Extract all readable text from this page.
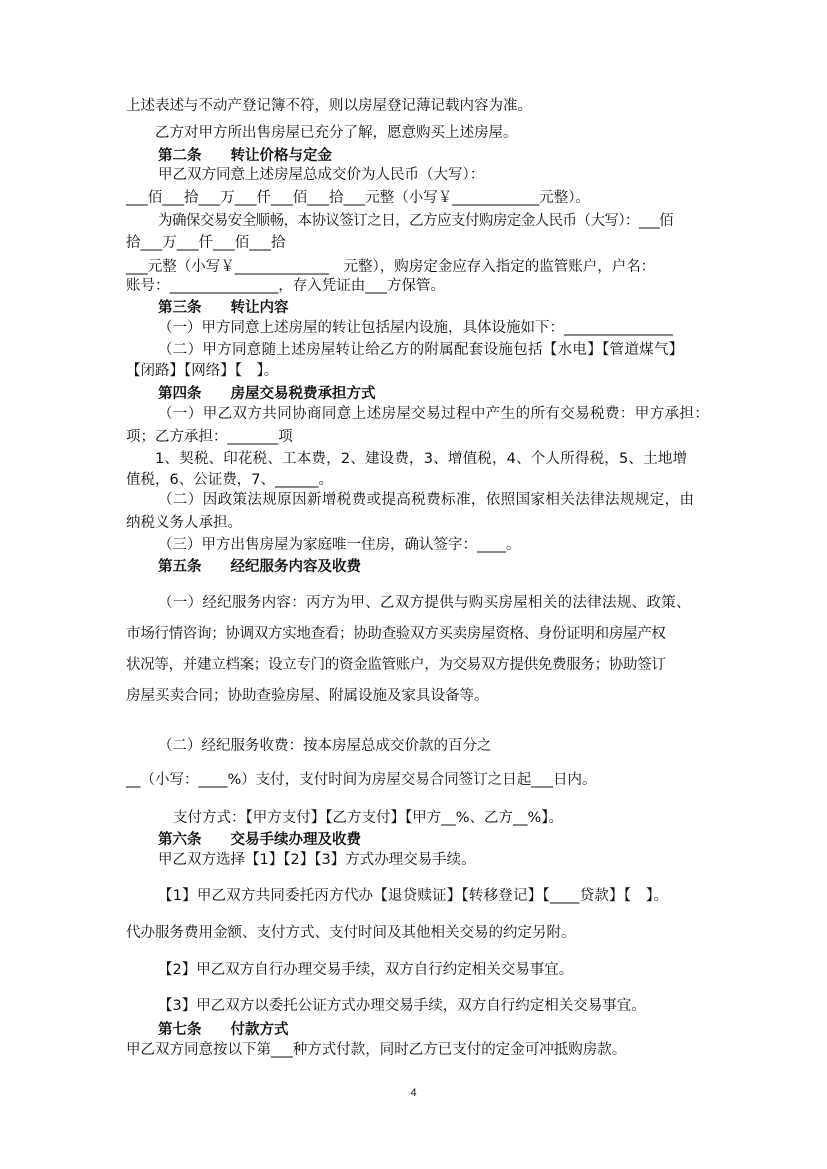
上述表述与不动产登记簿不符，则以房屋登记薄记载内容为准。
乙方对甲方所出售房屋已充分了解，愿意购买上述房屋。
第二条　　转让价格与定金
甲乙双方同意上述房屋总成交价为人民币（大写）：
___佰___拾___万___仟___佰___拾___元整（小写￥____________元整）。
为确保交易安全顺畅，本协议签订之日，乙方应支付购房定金人民币（大写）：___佰
拾___万___仟___佰___拾
___元整（小写￥_____________　元整），购房定金应存入指定的监管账户，户名：
账号：_______________，存入凭证由___方保管。
第三条　　转让内容
（一）甲方同意上述房屋的转让包括屋内设施，具体设施如下：_______________
（二）甲方同意随上述房屋转让给乙方的附属配套设施包括【水电】【管道煤气】
【闭路】【网络】【　】。
第四条　　房屋交易税费承担方式
（一）甲乙双方共同协商同意上述房屋交易过程中产生的所有交易税费：甲方承担：
项；乙方承担：_______项
1、契税、印花税、工本费，2、建设费，3、增值税，4、个人所得税，5、土地增
值税，6、公证费，7、______。
（二）因政策法规原因新增税费或提高税费标准，依照国家相关法律法规规定，由
纳税义务人承担。
（三）甲方出售房屋为家庭唯一住房，确认签字：____。
第五条　　经纪服务内容及收费
（一）经纪服务内容：丙方为甲、乙双方提供与购买房屋相关的法律法规、政策、
市场行情咨询；协调双方实地查看；协助查验双方买卖房屋资格、身份证明和房屋产权
状况等，并建立档案；设立专门的资金监管账户，为交易双方提供免费服务；协助签订
房屋买卖合同；协助查验房屋、附属设施及家具设备等。
（二）经纪服务收费：按本房屋总成交价款的百分之
__（小写：____%）支付，支付时间为房屋交易合同签订之日起___日内。
支付方式：【甲方支付】【乙方支付】【甲方__%、乙方__%】。
第六条　　交易手续办理及收费
甲乙双方选择【1】【2】【3】方式办理交易手续。
【1】甲乙双方共同委托丙方代办【退贷赎证】【转移登记】【____贷款】【　】。
代办服务费用金额、支付方式、支付时间及其他相关交易的约定另附。
【2】甲乙双方自行办理交易手续，双方自行约定相关交易事宜。
【3】甲乙双方以委托公证方式办理交易手续，双方自行约定相关交易事宜。
第七条　　付款方式
甲乙双方同意按以下第___种方式付款，同时乙方已支付的定金可冲抵购房款。
4
